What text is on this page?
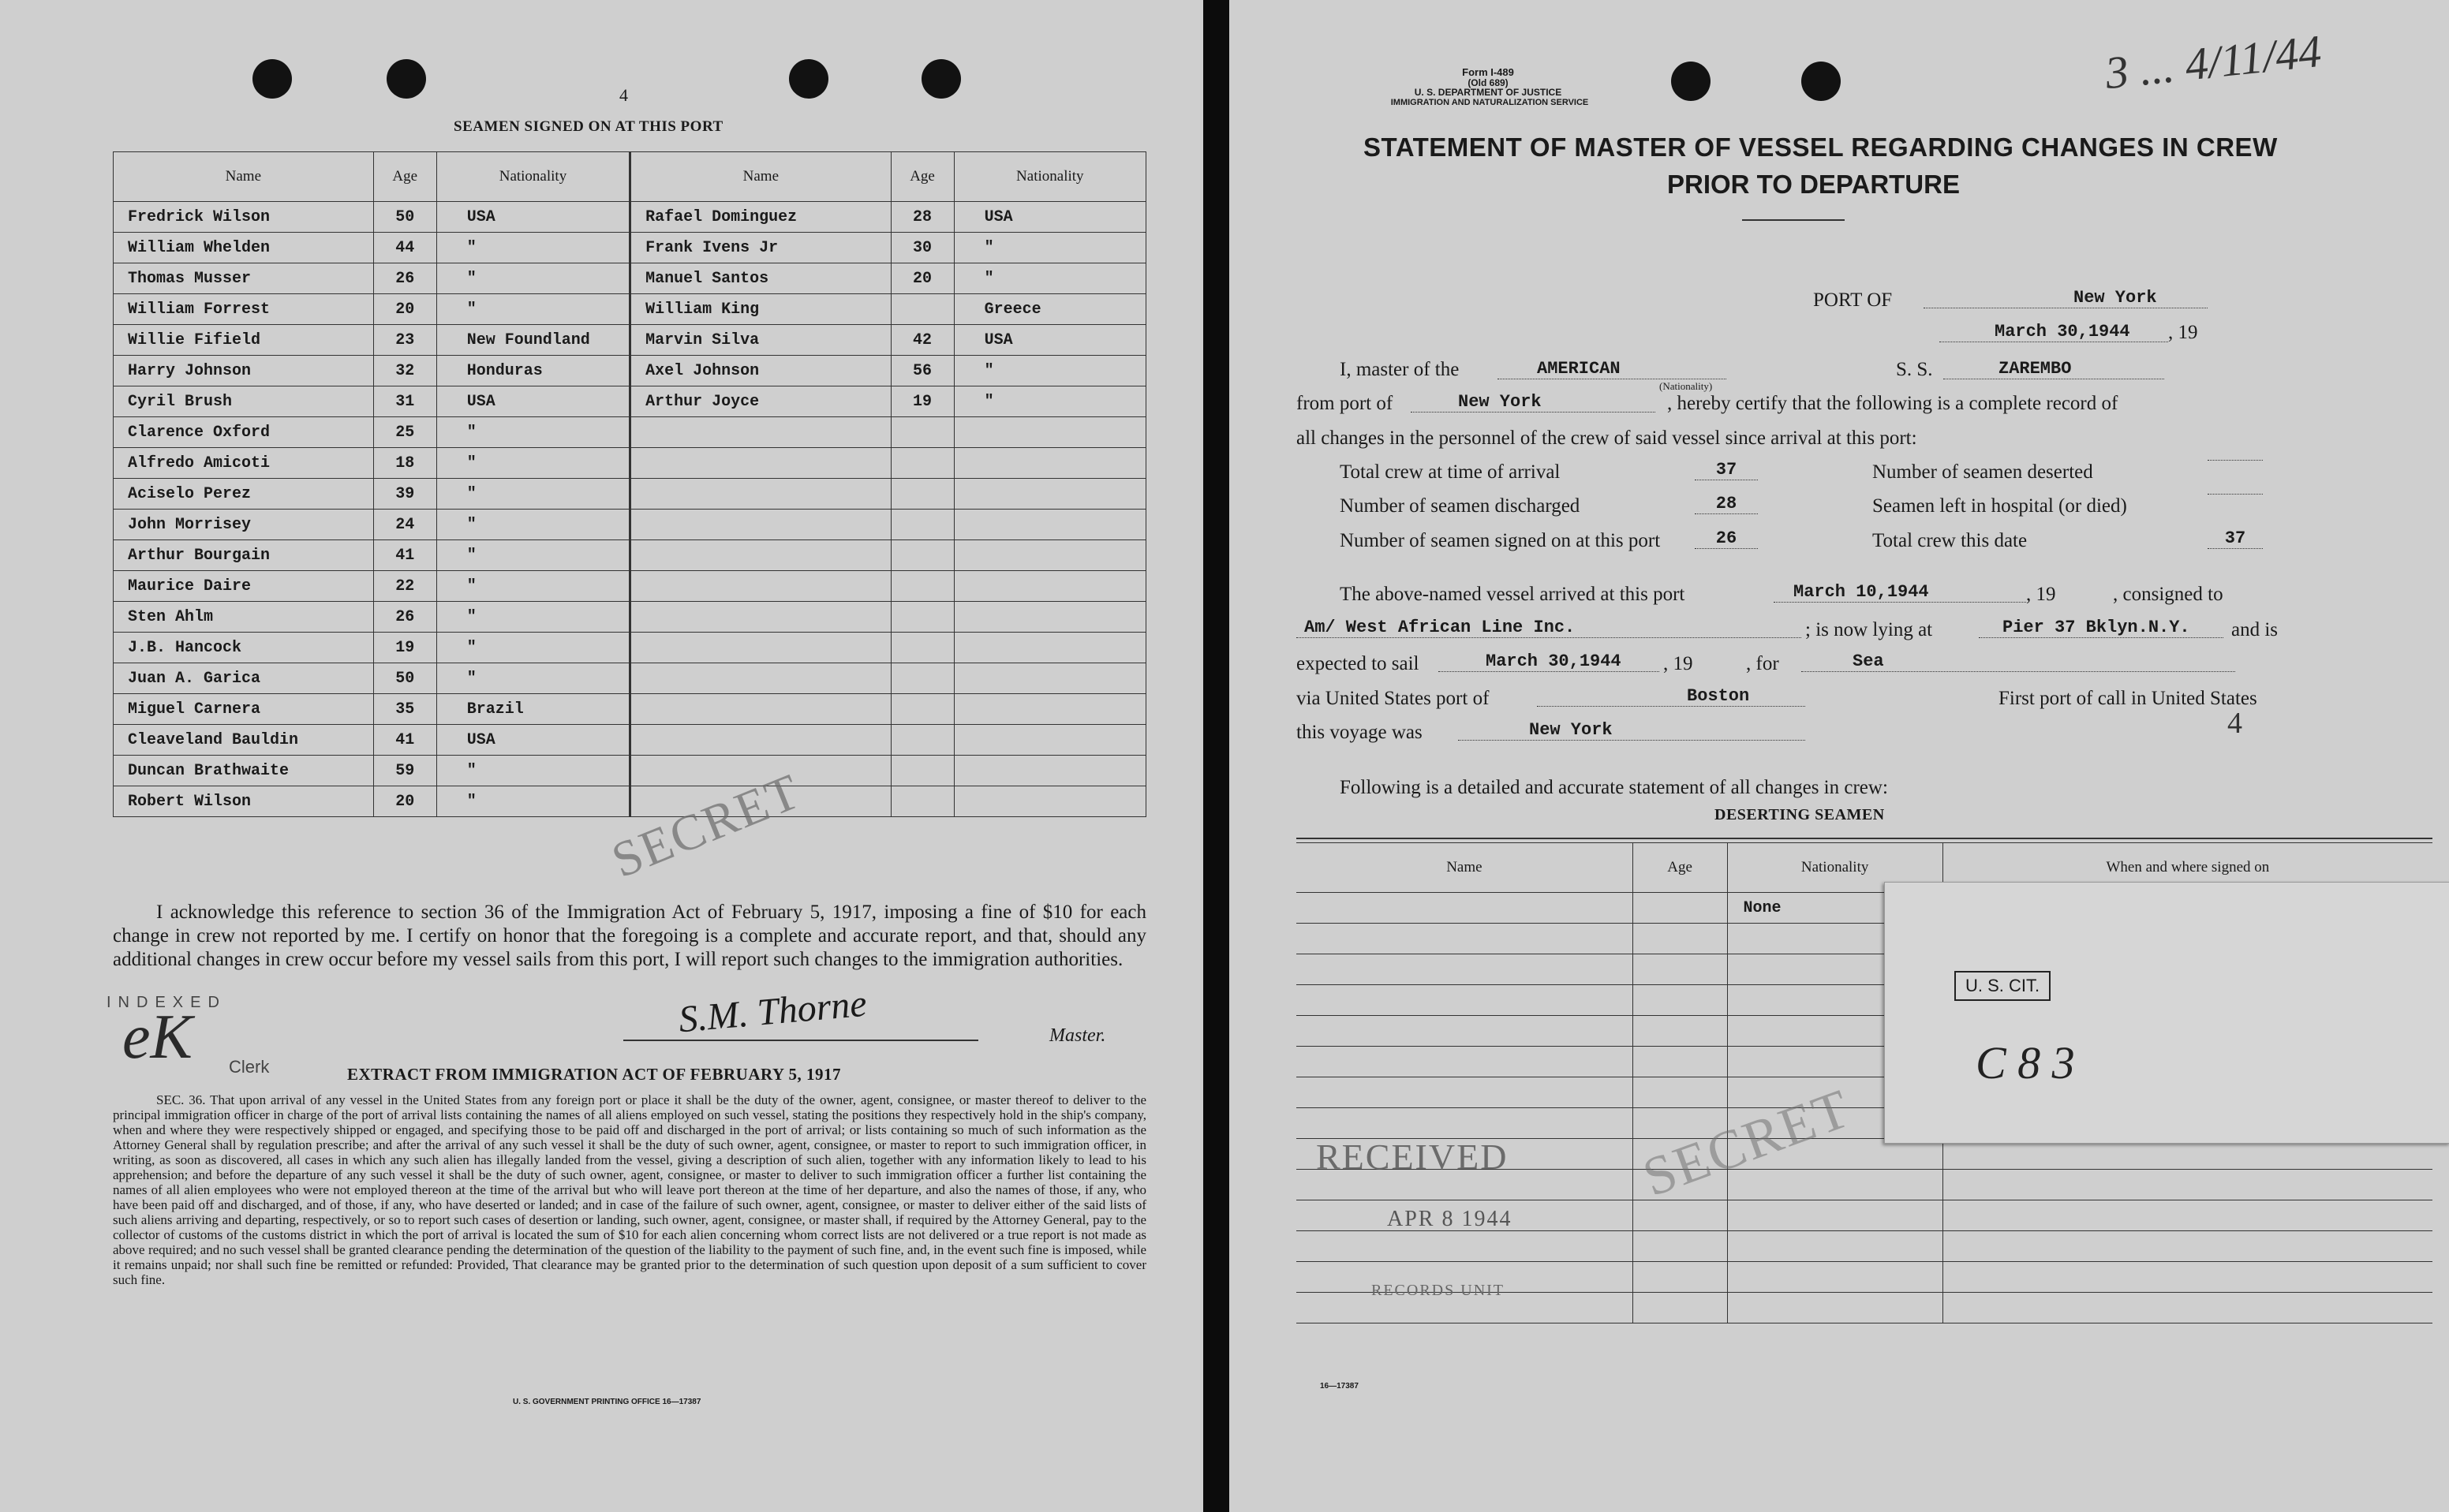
4
SEAMEN SIGNED ON AT THIS PORT
Name	Age	Nationality	Name	Age	Nationality
Fredrick Wilson	50	USA	Rafael Dominguez	28	USA
William Whelden	44	"	Frank Ivens Jr	30	"
Thomas Musser	26	"	Manuel Santos	20	"
William Forrest	20	"	William King		Greece
Willie Fifield	23	New Foundland	Marvin Silva	42	USA
Harry Johnson	32	Honduras	Axel Johnson	56	"
Cyril Brush	31	USA	Arthur Joyce	19	"
Clarence Oxford	25	"			
Alfredo Amicoti	18	"			
Aciselo Perez	39	"			
John Morrisey	24	"			
Arthur Bourgain	41	"			
Maurice Daire	22	"			
Sten Ahlm	26	"			
J.B. Hancock	19	"			
Juan A. Garica	50	"			
Miguel Carnera	35	Brazil			
Cleaveland Bauldin	41	USA			
Duncan Brathwaite	59	"			
Robert Wilson	20	"				SECRET
I acknowledge this reference to section 36 of the Immigration Act of February 5, 1917, imposing a fine of $10 for each change in crew not reported by me. I certify on honor that the foregoing is a complete and accurate report, and that, should any additional changes in crew occur before my vessel sails from this port, I will report such changes to the immigration authorities.
S.M. Thorne	Master.
INDEXED
eK Clerk	EXTRACT FROM IMMIGRATION ACT OF FEBRUARY 5, 1917
SEC. 36. That upon arrival of any vessel in the United States from any foreign port or place it shall be the duty of the owner, agent, consignee, or master thereof to deliver to the principal immigration officer in charge of the port of arrival lists containing the names of all aliens employed on such vessel, stating the positions they respectively hold in the ship's company, when and where they were respectively shipped or engaged, and specifying those to be paid off and discharged in the port of arrival; or lists containing so much of such information as the Attorney General shall by regulation prescribe; and after the arrival of any such vessel it shall be the duty of such owner, agent, consignee, or master to report to such immigration officer, in writing, as soon as discovered, all cases in which any such alien has illegally landed from the vessel, giving a description of such alien, together with any information likely to lead to his apprehension; and before the departure of any such vessel it shall be the duty of such owner, agent, consignee, or master to deliver to such immigration officer a further list containing the names of all alien employees who were not employed thereon at the time of the arrival but who will leave port thereon at the time of her departure, and also the names of those, if any, who have been paid off and discharged, and of those, if any, who have deserted or landed; and in case of the failure of such owner, agent, consignee, or master to deliver either of the said lists of such aliens arriving and departing, respectively, or so to report such cases of desertion or landing, such owner, agent, consignee, or master shall, if required by the Attorney General, pay to the collector of customs of the customs district in which the port of arrival is located the sum of $10 for each alien concerning whom correct lists are not delivered or a true report is not made as above required; and no such vessel shall be granted clearance pending the determination of the question of the liability to the payment of such fine, and, in the event such fine is imposed, while it remains unpaid; nor shall such fine be remitted or refunded: Provided, That clearance may be granted prior to the determination of such question upon deposit of a sum sufficient to cover such fine.
U. S. GOVERNMENT PRINTING OFFICE 16—17387
Form I-489
(Old 689)
U. S. DEPARTMENT OF JUSTICE
IMMIGRATION AND NATURALIZATION SERVICE
3 ... 4/11/44
STATEMENT OF MASTER OF VESSEL REGARDING CHANGES IN CREW
PRIOR TO DEPARTURE
PORT OF	New York
March 30,1944	, 19
I, master of the	AMERICAN
(Nationality)
S. S.	ZAREMBO
from port of	New York	, hereby certify that the following is a complete record of
all changes in the personnel of the crew of said vessel since arrival at this port:
Total crew at time of arrival	37	Number of seamen deserted
Number of seamen discharged	28	Seamen left in hospital (or died)
Number of seamen signed on at this port	26	Total crew this date	37
The above-named vessel arrived at this port	March 10,1944	, 19	, consigned to
Am/ West African Line Inc.	; is now lying at	Pier 37 Bklyn.N.Y.	and is
expected to sail	March 30,1944	, 19	, for	Sea
via United States port of	Boston	First port of call in United States
this voyage was	New York	4
Following is a detailed and accurate statement of all changes in crew:
DESERTING SEAMEN
Name	Age	Nationality	When and where signed on
		None	

U. S. CIT.
C 8 3
RECEIVED
APR 8 1944
RECORDS UNIT
SECRET
16—17387
